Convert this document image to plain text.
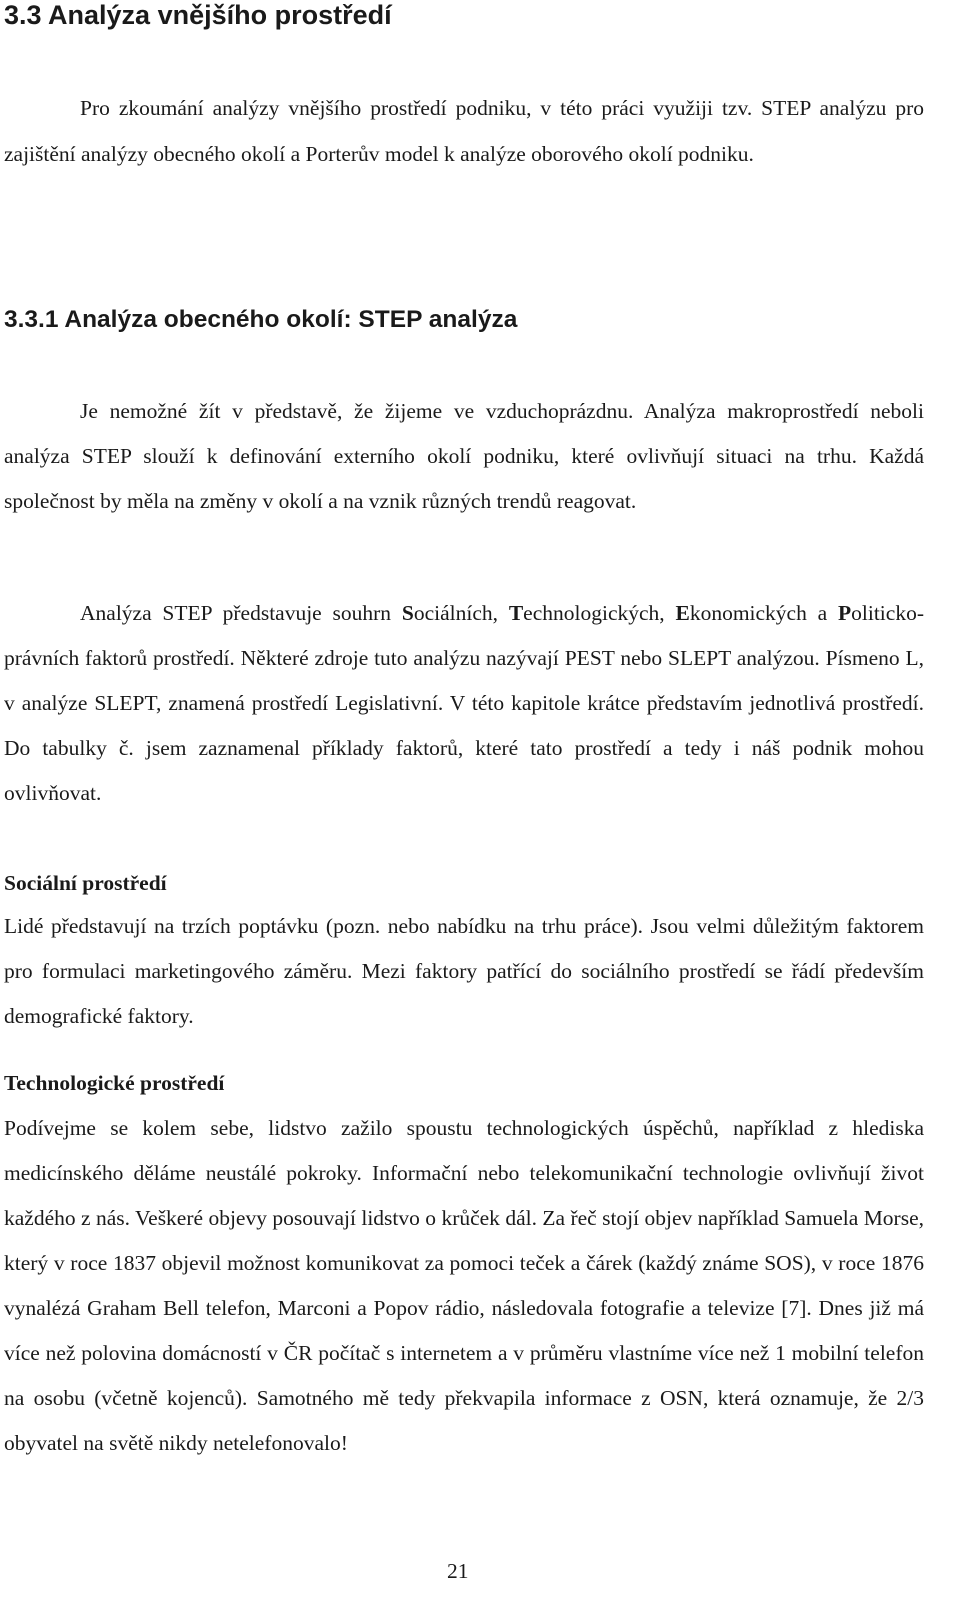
3.3 Analýza vnějšího prostředí

Pro zkoumání analýzy vnějšího prostředí podniku, v této práci využiji tzv. STEP analýzu pro zajištění analýzy obecného okolí a Porterův model k analýze oborového okolí podniku.

3.3.1 Analýza obecného okolí: STEP analýza

Je nemožné žít v představě, že žijeme ve vzduchoprázdnu. Analýza makroprostředí neboli analýza STEP slouží k definování externího okolí podniku, které ovlivňují situaci na trhu. Každá společnost by měla na změny v okolí a na vznik různých trendů reagovat.

Analýza STEP představuje souhrn Sociálních, Technologických, Ekonomických a Politicko-právních faktorů prostředí. Některé zdroje tuto analýzu nazývají PEST nebo SLEPT analýzou. Písmeno L, v analýze SLEPT, znamená prostředí Legislativní. V této kapitole krátce představím jednotlivá prostředí. Do tabulky č. jsem zaznamenal příklady faktorů, které tato prostředí a tedy i náš podnik mohou ovlivňovat.

Sociální prostředí

Lidé představují na trzích poptávku (pozn. nebo nabídku na trhu práce). Jsou velmi důležitým faktorem pro formulaci marketingového záměru. Mezi faktory patřící do sociálního prostředí se řádí především demografické faktory.

Technologické prostředí

Podívejme se kolem sebe, lidstvo zažilo spoustu technologických úspěchů, například z hlediska medicínského děláme neustálé pokroky. Informační nebo telekomunikační technologie ovlivňují život každého z nás. Veškeré objevy posouvají lidstvo o krůček dál. Za řeč stojí objev například Samuela Morse, který v roce 1837 objevil možnost komunikovat za pomoci teček a čárek (každý známe SOS), v roce 1876 vynalézá Graham Bell telefon, Marconi a Popov rádio, následovala fotografie a televize [7]. Dnes již má více než polovina domácností v ČR počítač s internetem a v průměru vlastníme více než 1 mobilní telefon na osobu (včetně kojenců). Samotného mě tedy překvapila informace z OSN, která oznamuje, že 2/3 obyvatel na světě nikdy netelefonovalo!

21
